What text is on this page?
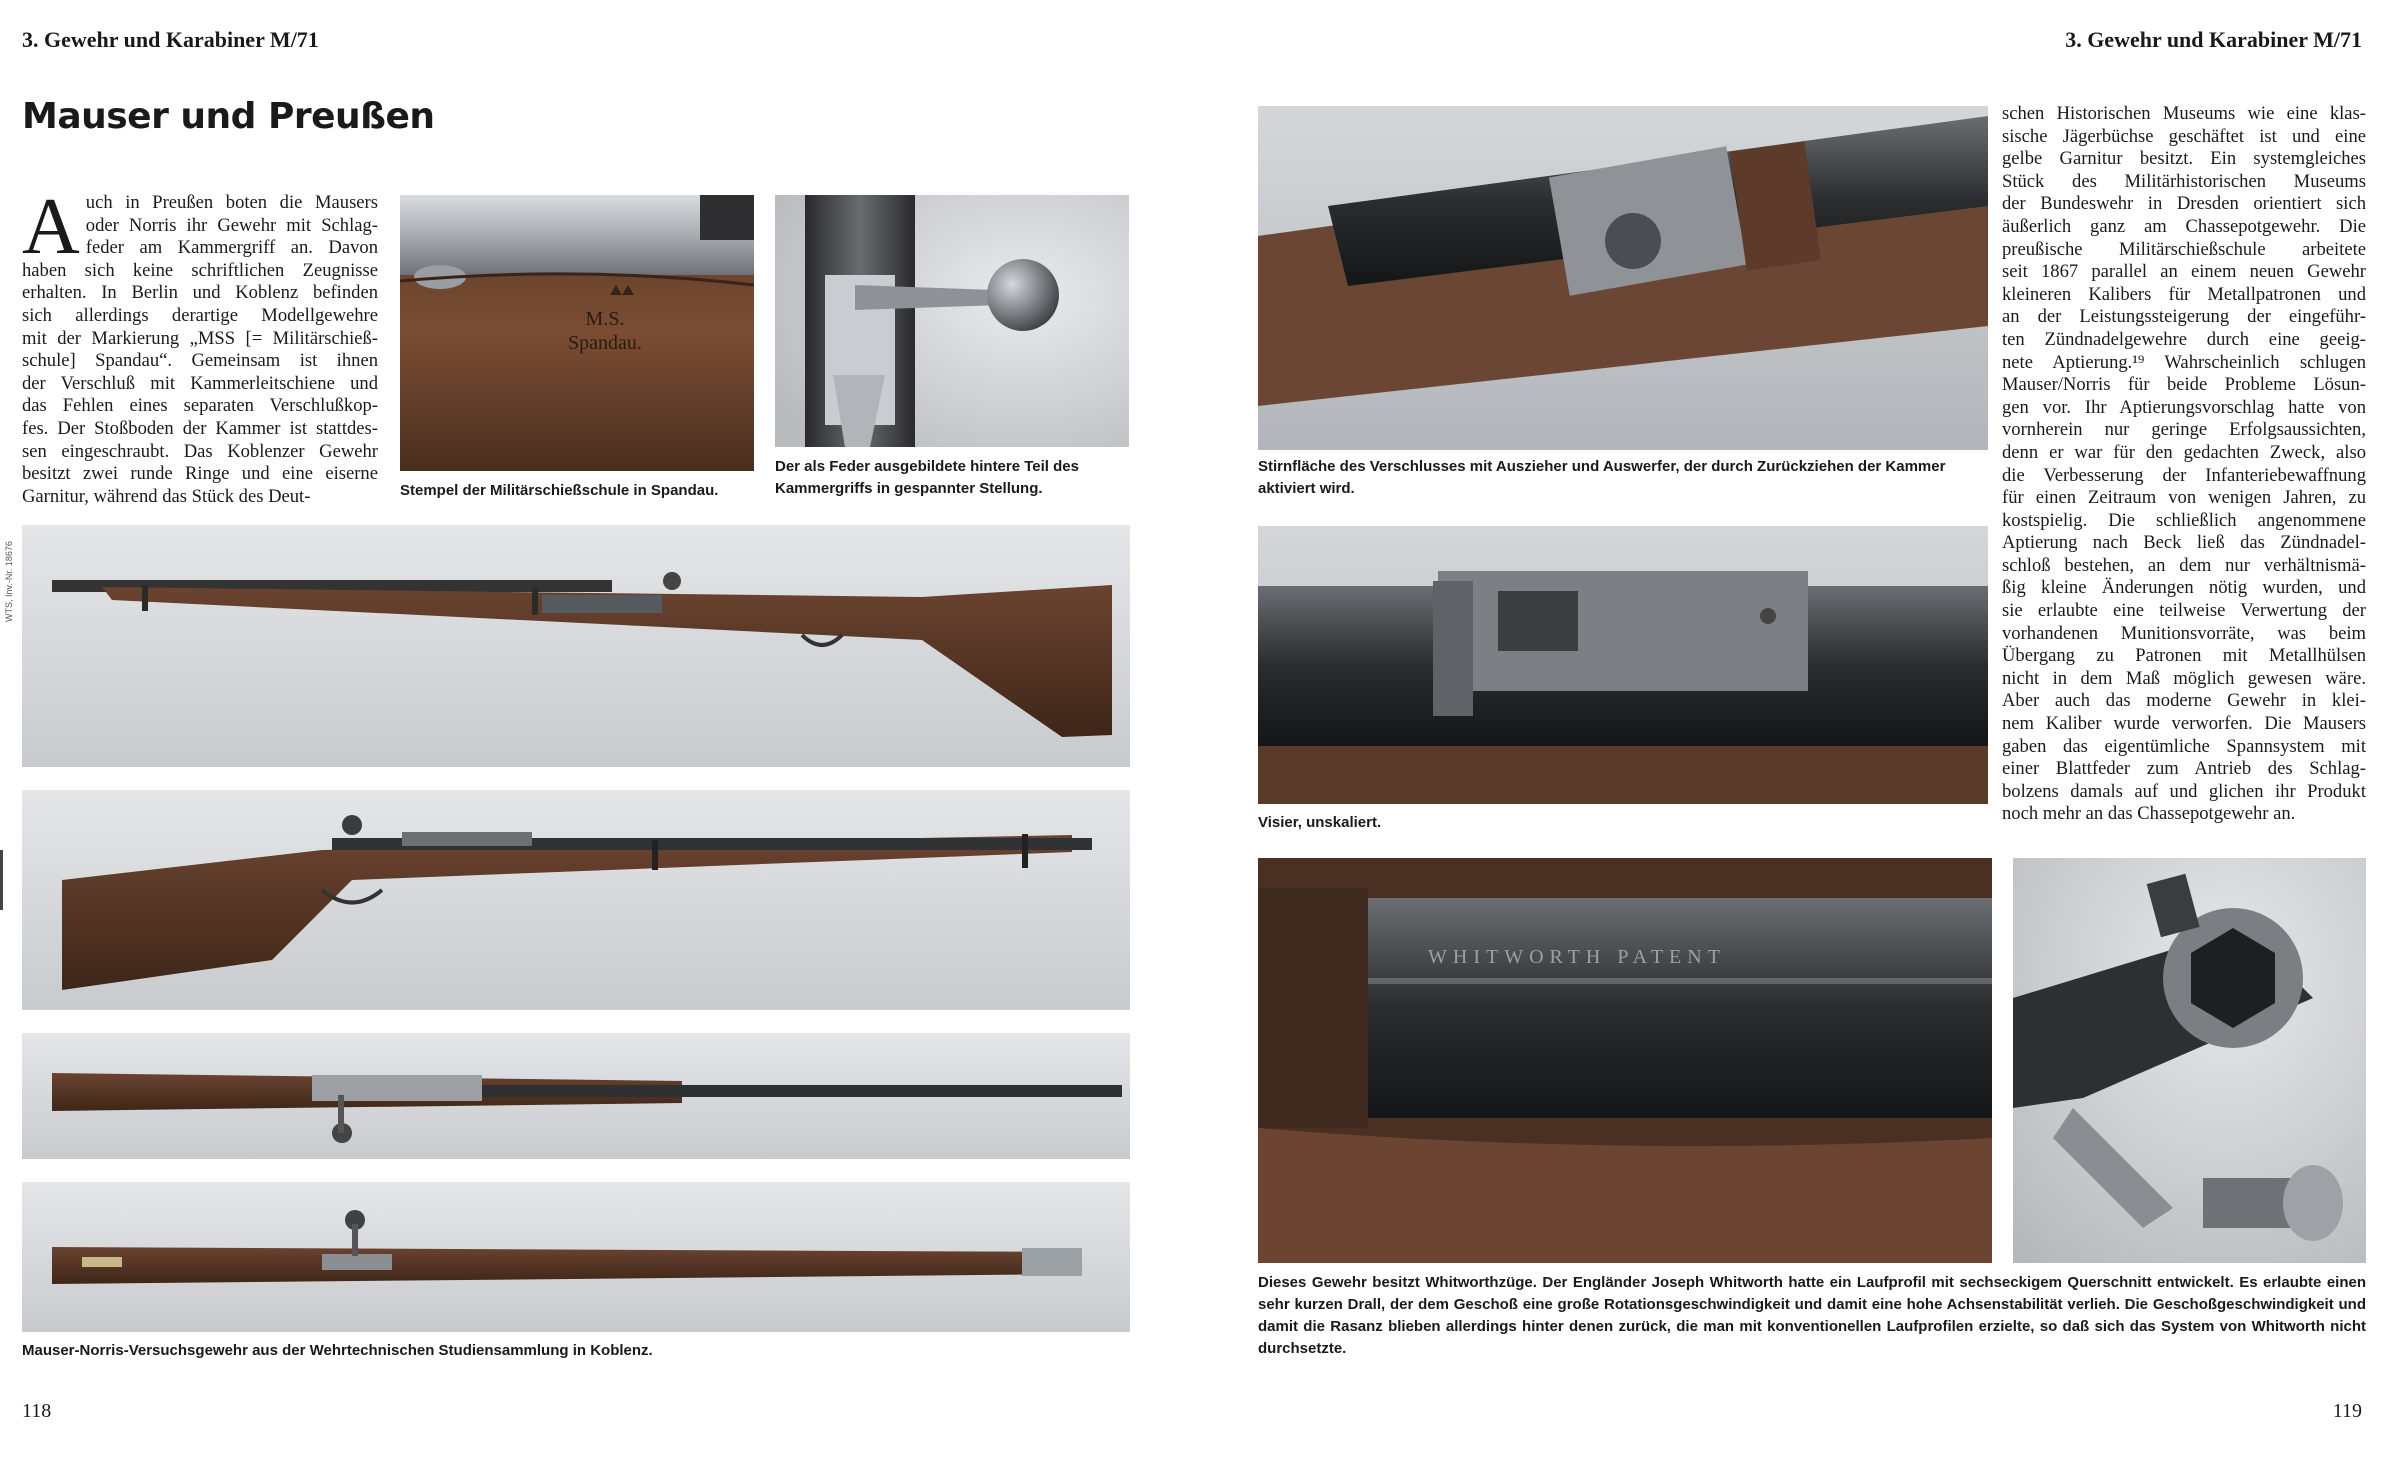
3. Gewehr und Karabiner M/71
Mauser und Preußen
A uch in Preußen boten die Mausers
oder Norris ihr Gewehr mit Schlag-
feder am Kammergriff an. Davon
haben sich keine schriftlichen Zeugnisse
erhalten. In Berlin und Koblenz befinden
sich allerdings derartige Modellgewehre
mit der Markierung „MSS [= Militärschieß-
schule] Spandau“. Gemeinsam ist ihnen
der Verschluß mit Kammerleitschiene und
das Fehlen eines separaten Verschlußkop-
fes. Der Stoßboden der Kammer ist stattdes-
sen eingeschraubt. Das Koblenzer Gewehr
besitzt zwei runde Ringe und eine eiserne
Garnitur, während das Stück des Deut-
M.S.
Spandau.
Stempel der Militärschießschule in Spandau.
Der als Feder ausgebildete hintere Teil des Kammergriffs in gespannter Stellung.
WTS, Inv.-Nr. 18676
Mauser-Norris-Versuchsgewehr aus der Wehrtechnischen Studiensammlung in Koblenz.
118
3. Gewehr und Karabiner M/71
Stirnfläche des Verschlusses mit Auszieher und Auswerfer, der durch Zurückziehen der Kammer aktiviert wird.
Visier, unskaliert.
schen Historischen Museums wie eine klas-
sische Jägerbüchse geschäftet ist und eine
gelbe Garnitur besitzt. Ein systemgleiches
Stück des Militärhistorischen Museums
der Bundeswehr in Dresden orientiert sich
äußerlich ganz am Chassepotgewehr. Die
preußische Militärschießschule arbeitete
seit 1867 parallel an einem neuen Gewehr
kleineren Kalibers für Metallpatronen und
an der Leistungssteigerung der eingeführ-
ten Zündnadelgewehre durch eine geeig-
nete Aptierung.¹⁹ Wahrscheinlich schlugen
Mauser/Norris für beide Probleme Lösun-
gen vor. Ihr Aptierungsvorschlag hatte von
vornherein nur geringe Erfolgsaussichten,
denn er war für den gedachten Zweck, also
die Verbesserung der Infanteriebewaffnung
für einen Zeitraum von wenigen Jahren, zu
kostspielig. Die schließlich angenommene
Aptierung nach Beck ließ das Zündnadel-
schloß bestehen, an dem nur verhältnismä-
ßig kleine Änderungen nötig wurden, und
sie erlaubte eine teilweise Verwertung der
vorhandenen Munitionsvorräte, was beim
Übergang zu Patronen mit Metallhülsen
nicht in dem Maß möglich gewesen wäre.
Aber auch das moderne Gewehr in klei-
nem Kaliber wurde verworfen. Die Mausers
gaben das eigentümliche Spannsystem mit
einer Blattfeder zum Antrieb des Schlag-
bolzens damals auf und glichen ihr Produkt
noch mehr an das Chassepotgewehr an.
WHITWORTH PATENT
Dieses Gewehr besitzt Whitworthzüge. Der Engländer Joseph Whitworth hatte ein Laufprofil mit sechseckigem Querschnitt entwickelt. Es erlaubte einen sehr kurzen Drall, der dem Geschoß eine große Rotationsgeschwindigkeit und damit eine hohe Achsenstabilität verlieh. Die Geschoßgeschwindigkeit und damit die Rasanz blieben allerdings hinter denen zurück, die man mit konventionellen Laufprofilen erzielte, so daß sich das System von Whitworth nicht durchsetzte.
119
